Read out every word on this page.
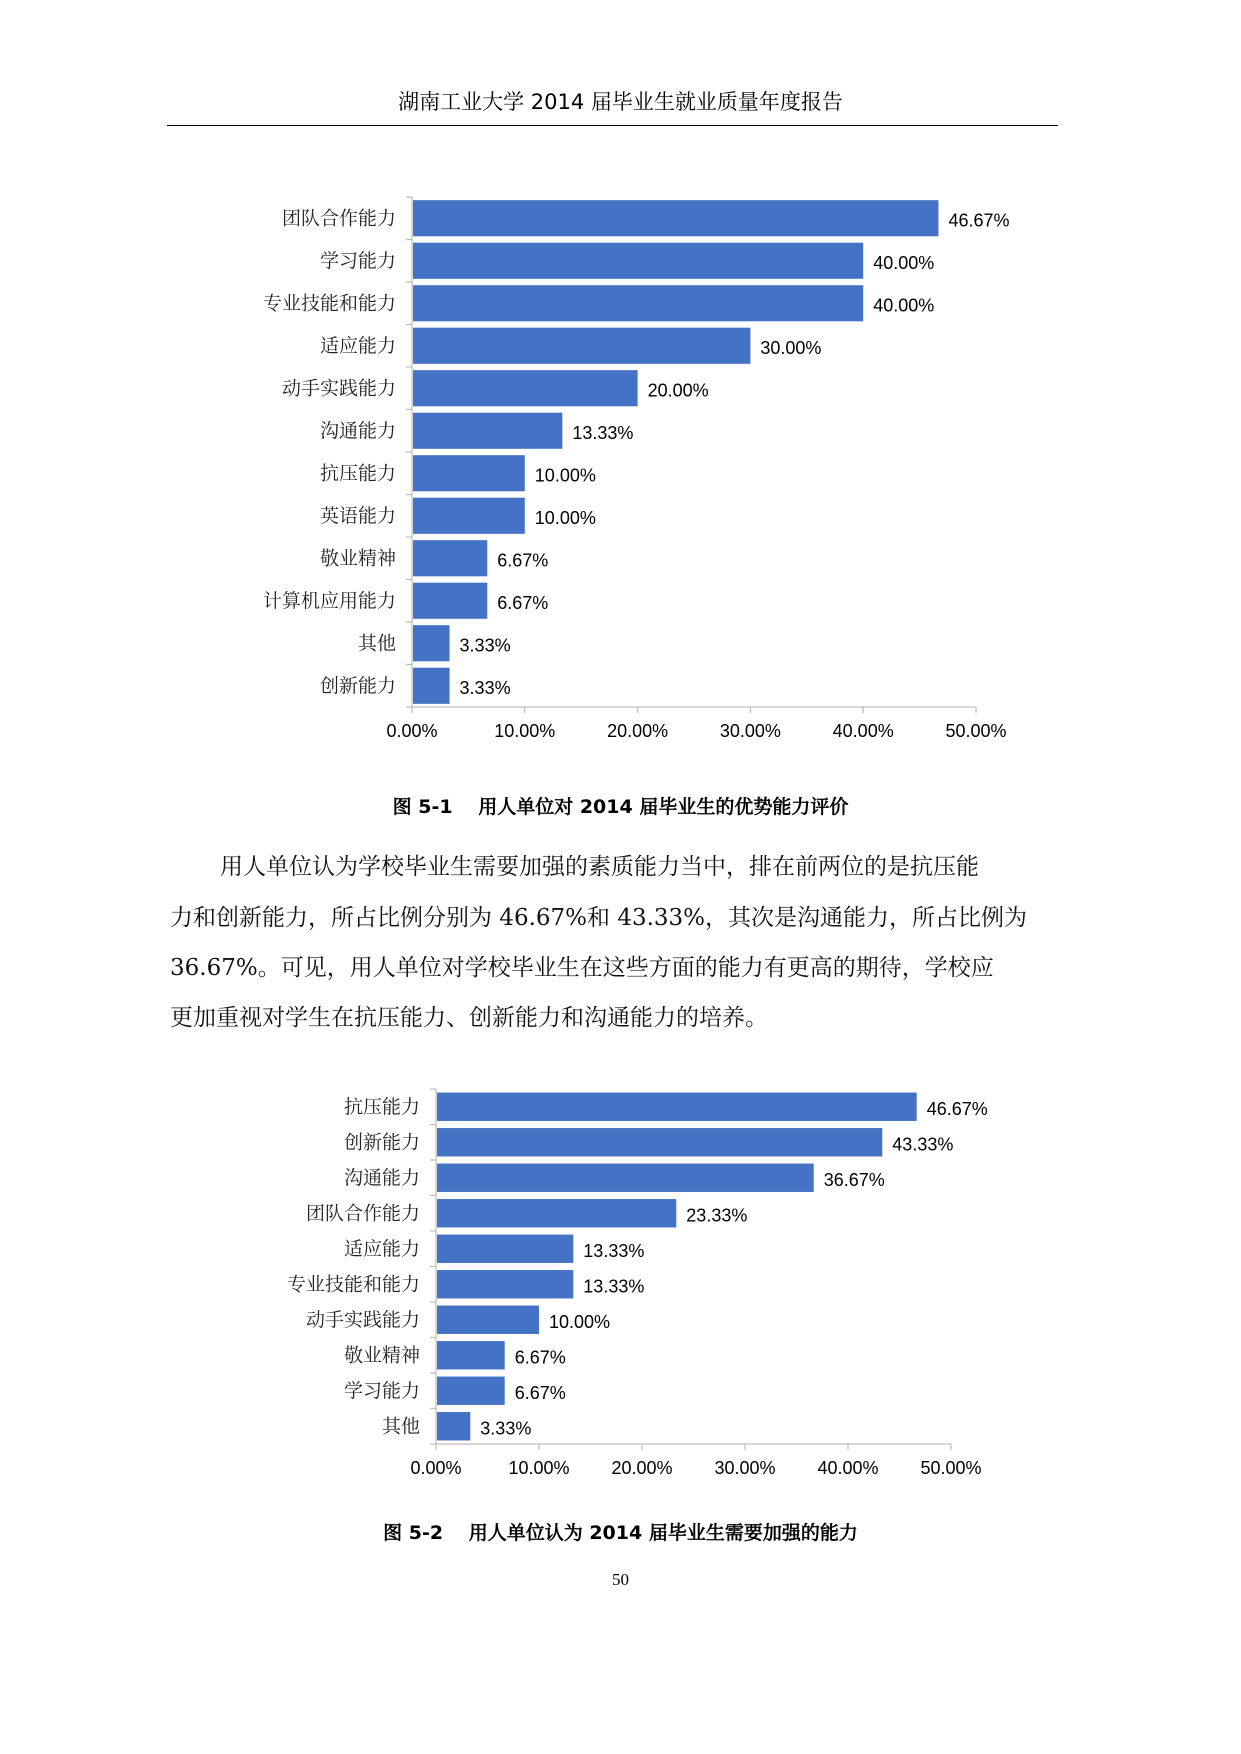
湖南工业大学 2014 届毕业生就业质量年度报告
0.00%	10.00%	20.00%	30.00%	40.00%	50.00%
团队合作能力	46.67%
学习能力	40.00%
专业技能和能力	40.00%
适应能力	30.00%
动手实践能力	20.00%
沟通能力	13.33%
抗压能力	10.00%
英语能力	10.00%
敬业精神	6.67%
计算机应用能力	6.67%
其他	3.33%
创新能力	3.33%
图 5-1　 用人单位对 2014 届毕业生的优势能力评价
用人单位认为学校毕业生需要加强的素质能力当中，排在前两位的是抗压能
力和创新能力，所占比例分别为 46.67%和 43.33%，其次是沟通能力，所占比例为
36.67%。可见，用人单位对学校毕业生在这些方面的能力有更高的期待，学校应
更加重视对学生在抗压能力、创新能力和沟通能力的培养。
0.00%	10.00% 20.00% 30.00% 40.00% 50.00%
抗压能力	46.67%
创新能力	43.33%
沟通能力	36.67%
团队合作能力	23.33%
适应能力	13.33%
专业技能和能力	13.33%
动手实践能力	10.00%
敬业精神	6.67%
学习能力	6.67%
其他	3.33%
图 5-2　 用人单位认为 2014 届毕业生需要加强的能力
50
